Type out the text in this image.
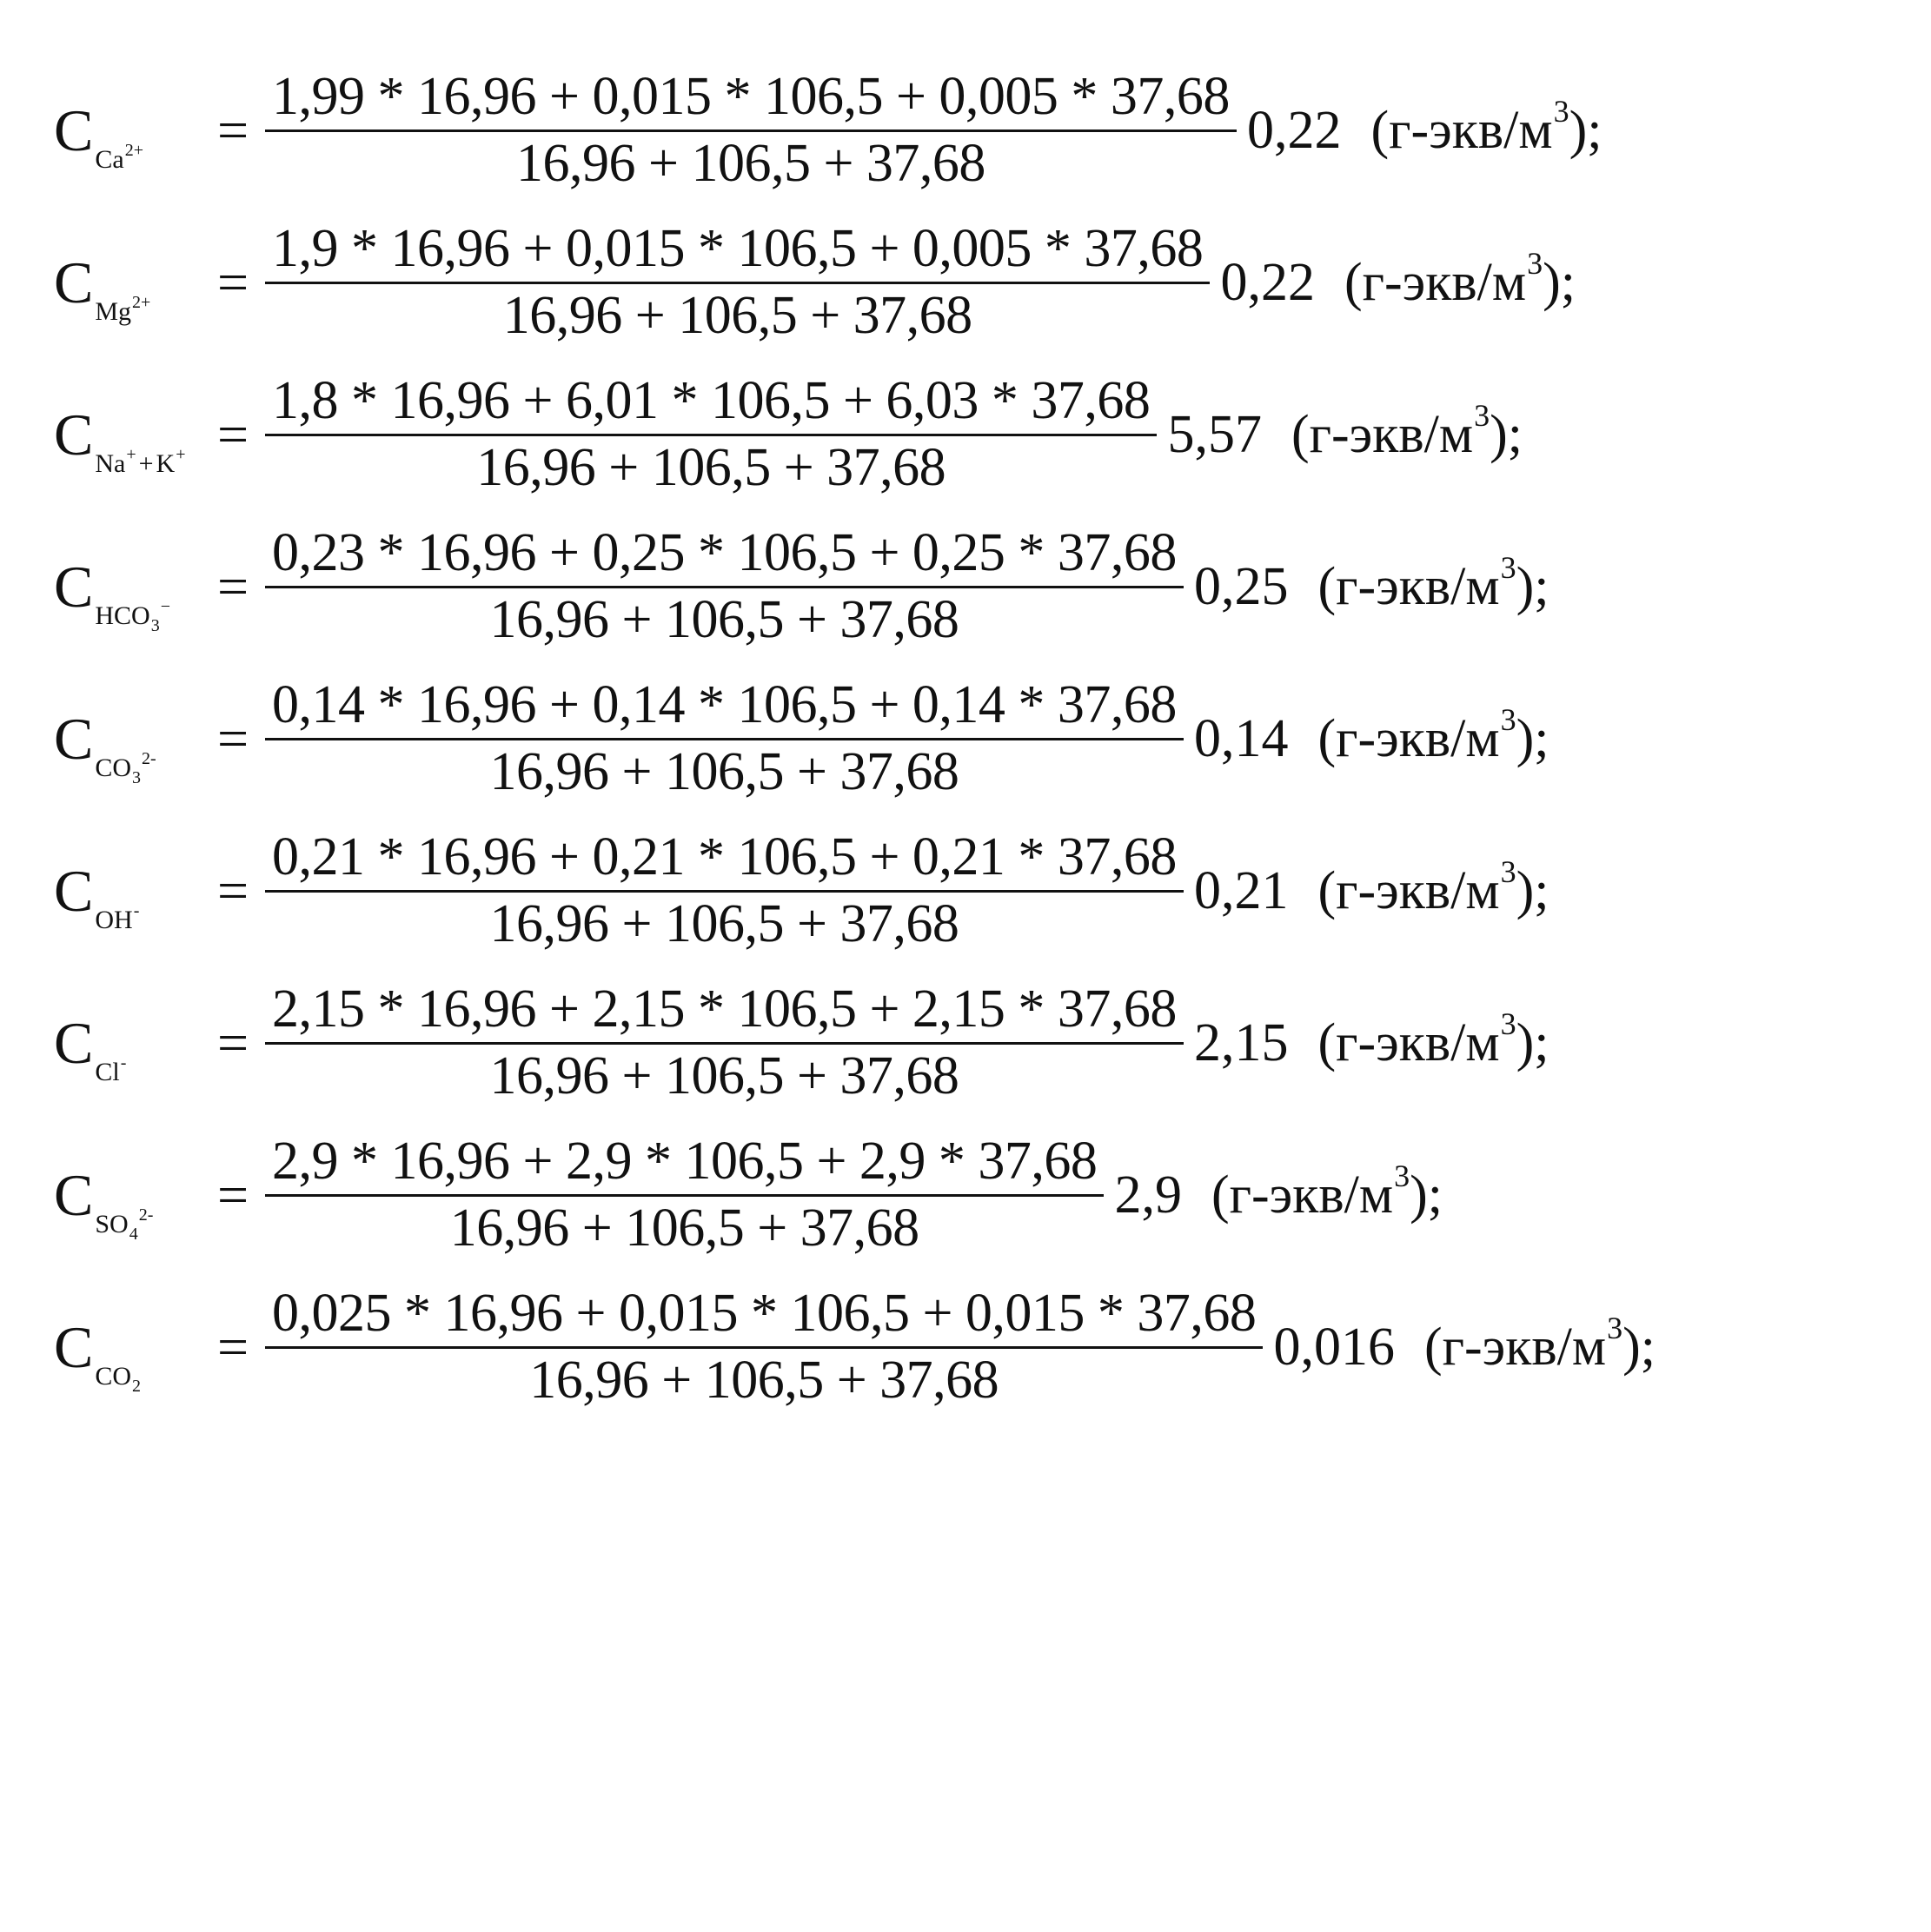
C Ca $2+ = \frac{1,99 * 16,96 + 0,015 * 106,5 + 0,005 * 37,68}{16,96 + 106,5 + 37,68} 0,22$ (г-экв/м 3 );
C Mg $2+ = \frac{1,9 * 16,96 + 0,015 * 106,5 + 0,005 * 37,68}{16,96 + 106,5 + 37,68} 0,22$ (г-экв/м 3 );
C Na + + K + = $\frac{1,8 * 16,96 + 6,01 * 106,5 + 6,03 * 37,68}{16,96 + 106,5 + 37,68} 5,57$ (г-экв/м 3 );
C HCO 3
− = $\frac{0,23 * 16,96 + 0,25 * 106,5 + 0,25 * 37,68}{16,96 + 106,5 + 37,68} 0,25$ (г-экв/м 3 );
C CO 3
$2- = \frac{0,14 * 16,96 + 0,14 * 106,5 + 0,14 * 37,68}{16,96 + 106,5 + 37,68} 0,14$ (г-экв/м 3 );
C OH - = $\frac{0,21 * 16,96 + 0,21 * 106,5 + 0,21 * 37,68}{16,96 + 106,5 + 37,68} 0,21$ (г-экв/м 3 );
C Cl - = $\frac{2,15 * 16,96 + 2,15 * 106,5 + 2,15 * 37,68}{16,96 + 106,5 + 37,68} 2,15$ (г-экв/м 3 );
C SO 4
$2- = \frac{2,9 * 16,96 + 2,9 * 106,5 + 2,9 * 37,68}{16,96 + 106,5 + 37,68} 2,9$ (г-экв/м 3 );
C CO 2
= $\frac{0,025 * 16,96 + 0,015 * 106,5 + 0,015 * 37,68}{16,96 + 106,5 + 37,68} 0,016$ (г-экв/м 3 );
